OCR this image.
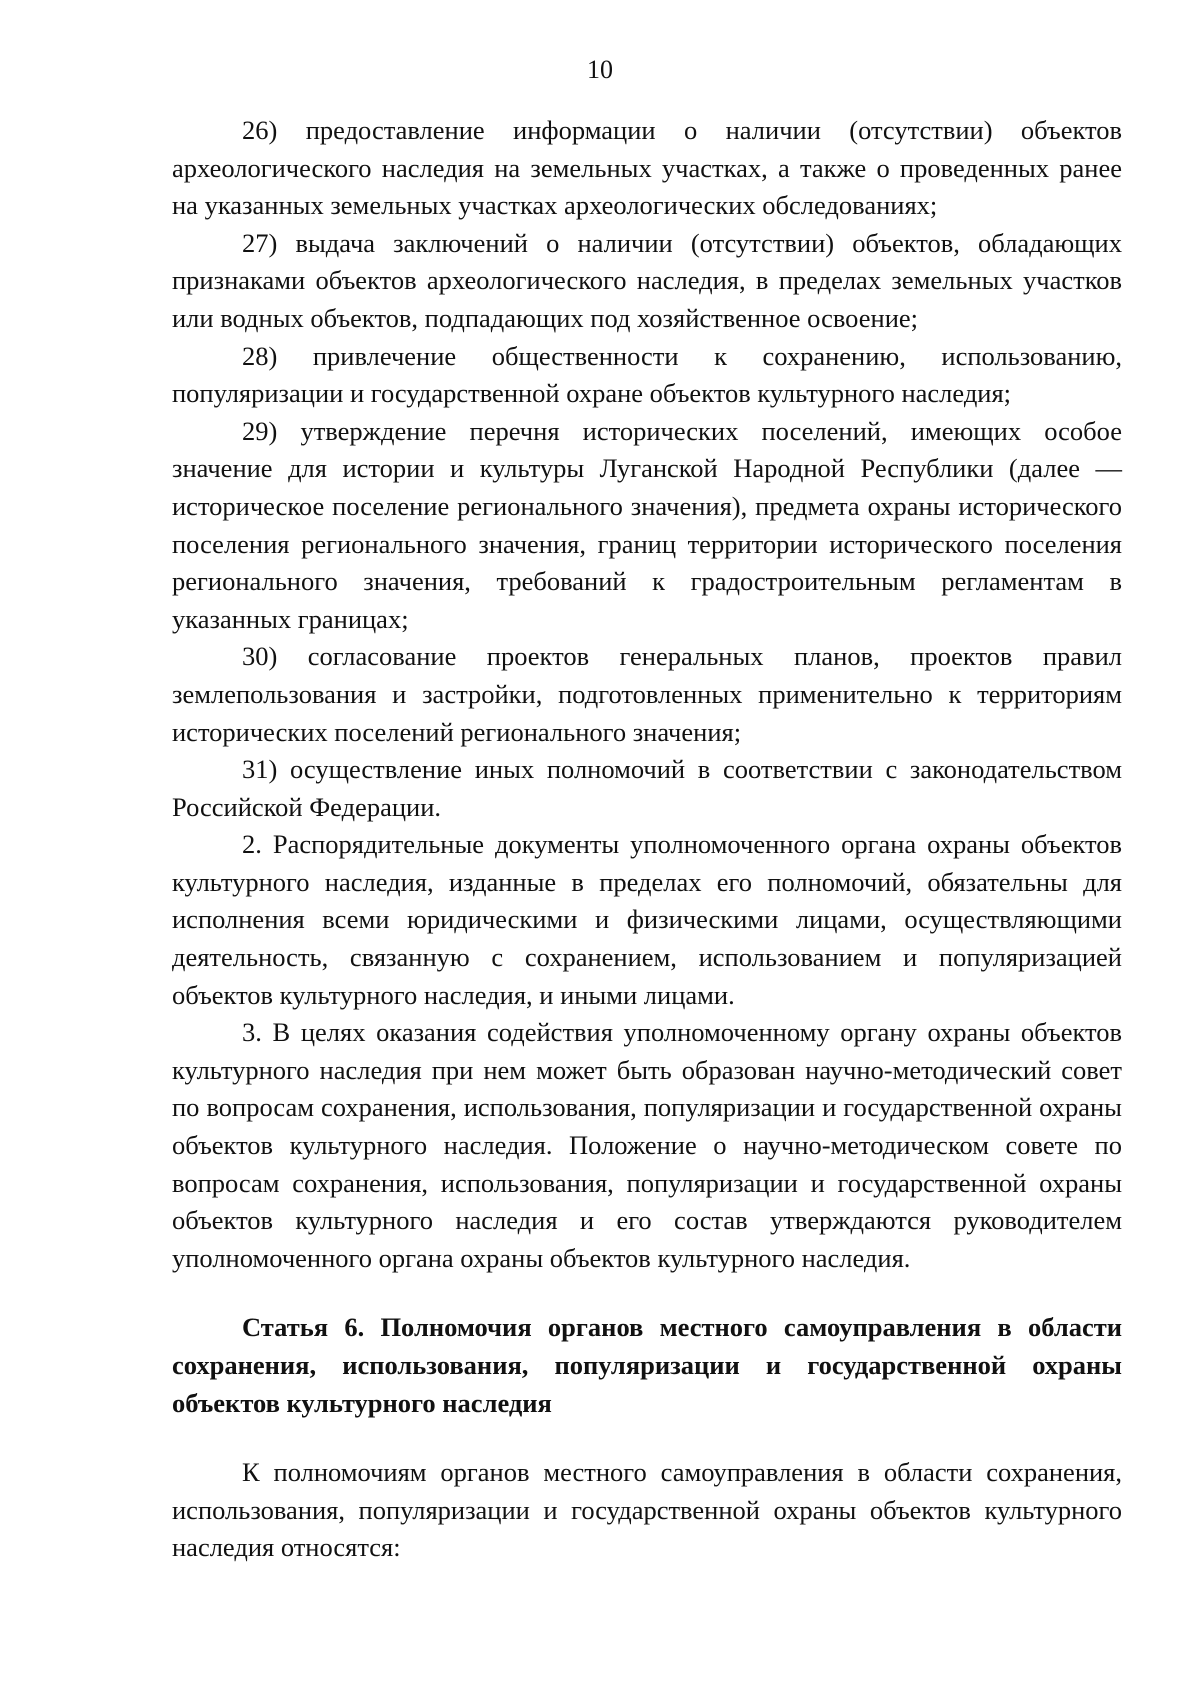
10

26) предоставление информации о наличии (отсутствии) объектов археологического наследия на земельных участках, а также о проведенных ранее на указанных земельных участках археологических обследованиях;

27) выдача заключений о наличии (отсутствии) объектов, обладающих признаками объектов археологического наследия, в пределах земельных участков или водных объектов, подпадающих под хозяйственное освоение;

28) привлечение общественности к сохранению, использованию, популяризации и государственной охране объектов культурного наследия;

29) утверждение перечня исторических поселений, имеющих особое значение для истории и культуры Луганской Народной Республики (далее — историческое поселение регионального значения), предмета охраны исторического поселения регионального значения, границ территории исторического поселения регионального значения, требований к градостроительным регламентам в указанных границах;

30) согласование проектов генеральных планов, проектов правил землепользования и застройки, подготовленных применительно к территориям исторических поселений регионального значения;

31) осуществление иных полномочий в соответствии с законодательством Российской Федерации.

2. Распорядительные документы уполномоченного органа охраны объектов культурного наследия, изданные в пределах его полномочий, обязательны для исполнения всеми юридическими и физическими лицами, осуществляющими деятельность, связанную с сохранением, использованием и популяризацией объектов культурного наследия, и иными лицами.

3. В целях оказания содействия уполномоченному органу охраны объектов культурного наследия при нем может быть образован научно-методический совет по вопросам сохранения, использования, популяризации и государственной охраны объектов культурного наследия. Положение о научно-методическом совете по вопросам сохранения, использования, популяризации и государственной охраны объектов культурного наследия и его состав утверждаются руководителем уполномоченного органа охраны объектов культурного наследия.

Статья 6. Полномочия органов местного самоуправления в области сохранения, использования, популяризации и государственной охраны объектов культурного наследия

К полномочиям органов местного самоуправления в области сохранения, использования, популяризации и государственной охраны объектов культурного наследия относятся:
